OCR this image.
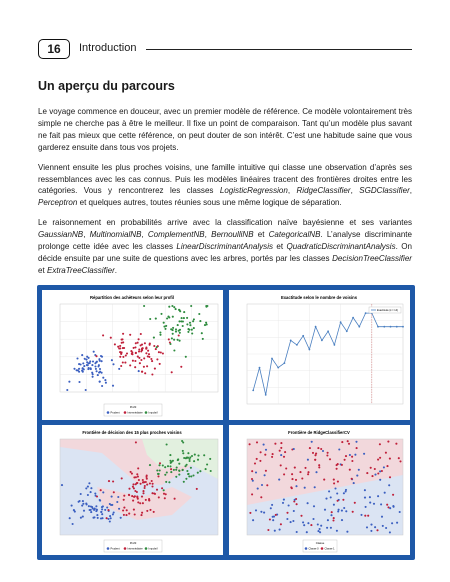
16	Introduction
Un aperçu du parcours

Le voyage commence en douceur, avec un premier modèle de référence. Ce modèle volontairement très simple ne cherche pas à être le meilleur. Il fixe un point de comparaison. Tant qu’un modèle plus savant ne fait pas mieux que cette référence, on peut douter de son intérêt. C’est une habitude saine que vous garderez ensuite dans tous vos projets.

Viennent ensuite les plus proches voisins, une famille intuitive qui classe une observation d’après ses ressemblances avec les cas connus. Puis les modèles linéaires tracent des frontières droites entre les catégories. Vous y rencontrerez les classes LogisticRegression, RidgeClassifier, SGDClassifier, Perceptron et quelques autres, toutes réunies sous une même logique de séparation.

Le raisonnement en probabilités arrive avec la classification naïve bayésienne et ses variantes GaussianNB, MultinomialNB, ComplementNB, BernoulliNB et CategoricalNB. L’analyse discriminante prolonge cette idée avec les classes LinearDiscriminantAnalysis et QuadraticDiscriminantAnalysis. On décide ensuite par une suite de questions avec les arbres, portés par les classes DecisionTreeClassifier et ExtraTreeClassifier.

Répartition des achèteurs selon leur profil
Profil
Prudent	Intermédiaire Impulsif
Exactitude selon le nombre de voisins
Exactitude (k = 14)
Frontière de décision des 15 plus proches voisins
Profil
Prudent	Intermédiaire Impulsif
Frontière de RidgeClassifierCV
Classe
Classe 0 Classe 1
